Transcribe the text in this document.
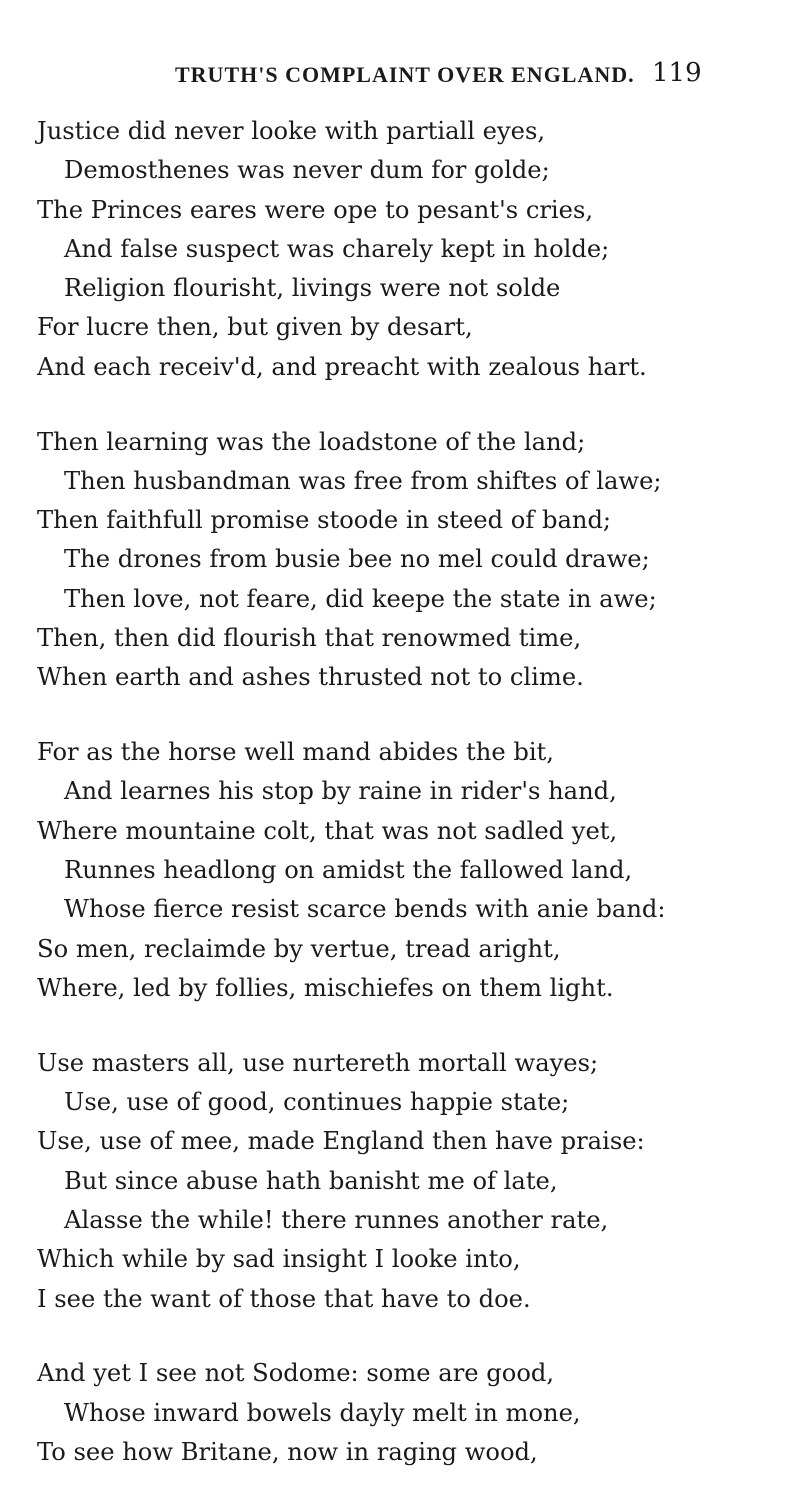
TRUTH'S COMPLAINT OVER ENGLAND. 119
Justice did never looke with partiall eyes,
Demosthenes was never dum for golde;
The Princes eares were ope to pesant's cries,
And false suspect was charely kept in holde;
Religion flourisht, livings were not solde
For lucre then, but given by desart,
And each receiv'd, and preacht with zealous hart.
Then learning was the loadstone of the land;
Then husbandman was free from shiftes of lawe;
Then faithfull promise stoode in steed of band;
The drones from busie bee no mel could drawe;
Then love, not feare, did keepe the state in awe;
Then, then did flourish that renowmed time,
When earth and ashes thrusted not to clime.
For as the horse well mand abides the bit,
And learnes his stop by raine in rider's hand,
Where mountaine colt, that was not sadled yet,
Runnes headlong on amidst the fallowed land,
Whose fierce resist scarce bends with anie band:
So men, reclaimde by vertue, tread aright,
Where, led by follies, mischiefes on them light.
Use masters all, use nurtereth mortall wayes;
Use, use of good, continues happie state;
Use, use of mee, made England then have praise:
But since abuse hath banisht me of late,
Alasse the while! there runnes another rate,
Which while by sad insight I looke into,
I see the want of those that have to doe.
And yet I see not Sodome: some are good,
Whose inward bowels dayly melt in mone,
To see how Britane, now in raging wood,
